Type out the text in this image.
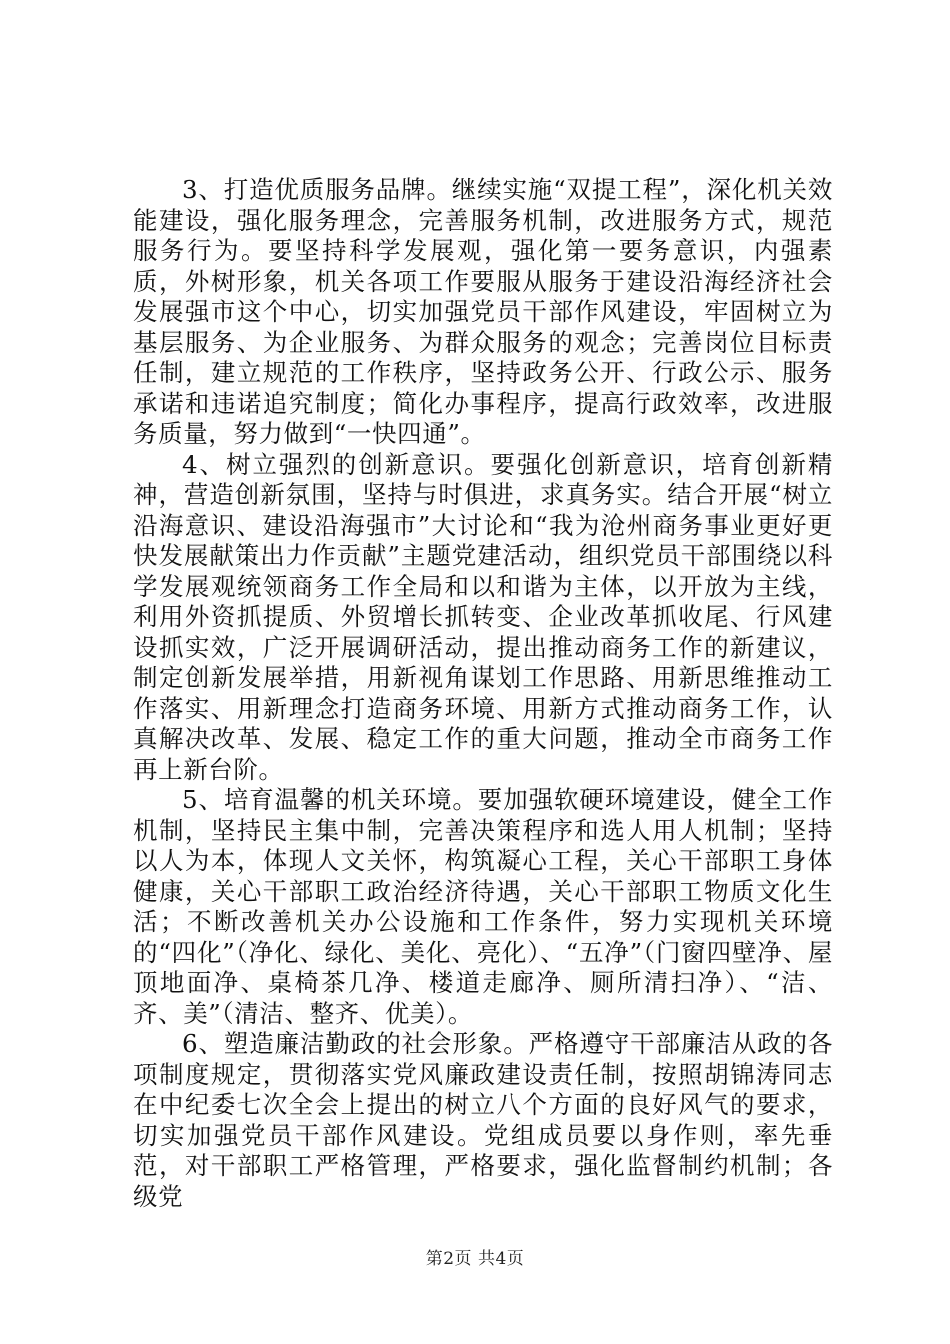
3、打造优质服务品牌。继续实施“双提工程”，深化机关效能建设，强化服务理念，完善服务机制，改进服务方式，规范服务行为。要坚持科学发展观，强化第一要务意识，内强素质，外树形象，机关各项工作要服从服务于建设沿海经济社会发展强市这个中心，切实加强党员干部作风建设，牢固树立为基层服务、为企业服务、为群众服务的观念；完善岗位目标责任制，建立规范的工作秩序，坚持政务公开、行政公示、服务承诺和违诺追究制度；简化办事程序，提高行政效率，改进服务质量，努力做到“一快四通”。

4、树立强烈的创新意识。要强化创新意识，培育创新精神，营造创新氛围，坚持与时俱进，求真务实。结合开展“树立沿海意识、建设沿海强市”大讨论和“我为沧州商务事业更好更快发展献策出力作贡献”主题党建活动，组织党员干部围绕以科学发展观统领商务工作全局和以和谐为主体，以开放为主线，利用外资抓提质、外贸增长抓转变、企业改革抓收尾、行风建设抓实效，广泛开展调研活动，提出推动商务工作的新建议，制定创新发展举措，用新视角谋划工作思路、用新思维推动工作落实、用新理念打造商务环境、用新方式推动商务工作，认真解决改革、发展、稳定工作的重大问题，推动全市商务工作再上新台阶。

5、培育温馨的机关环境。要加强软硬环境建设，健全工作机制，坚持民主集中制，完善决策程序和选人用人机制；坚持以人为本，体现人文关怀，构筑凝心工程，关心干部职工身体健康，关心干部职工政治经济待遇，关心干部职工物质文化生活；不断改善机关办公设施和工作条件，努力实现机关环境的“四化”（净化、绿化、美化、亮化）、“五净”（门窗四壁净、屋顶地面净、桌椅茶几净、楼道走廊净、厕所清扫净）、“洁、齐、美”（清洁、整齐、优美）。

6、塑造廉洁勤政的社会形象。严格遵守干部廉洁从政的各项制度规定，贯彻落实党风廉政建设责任制，按照胡锦涛同志在中纪委七次全会上提出的树立八个方面的良好风气的要求，切实加强党员干部作风建设。党组成员要以身作则，率先垂范，对干部职工严格管理，严格要求，强化监督制约机制；各级党

第2页 共4页
